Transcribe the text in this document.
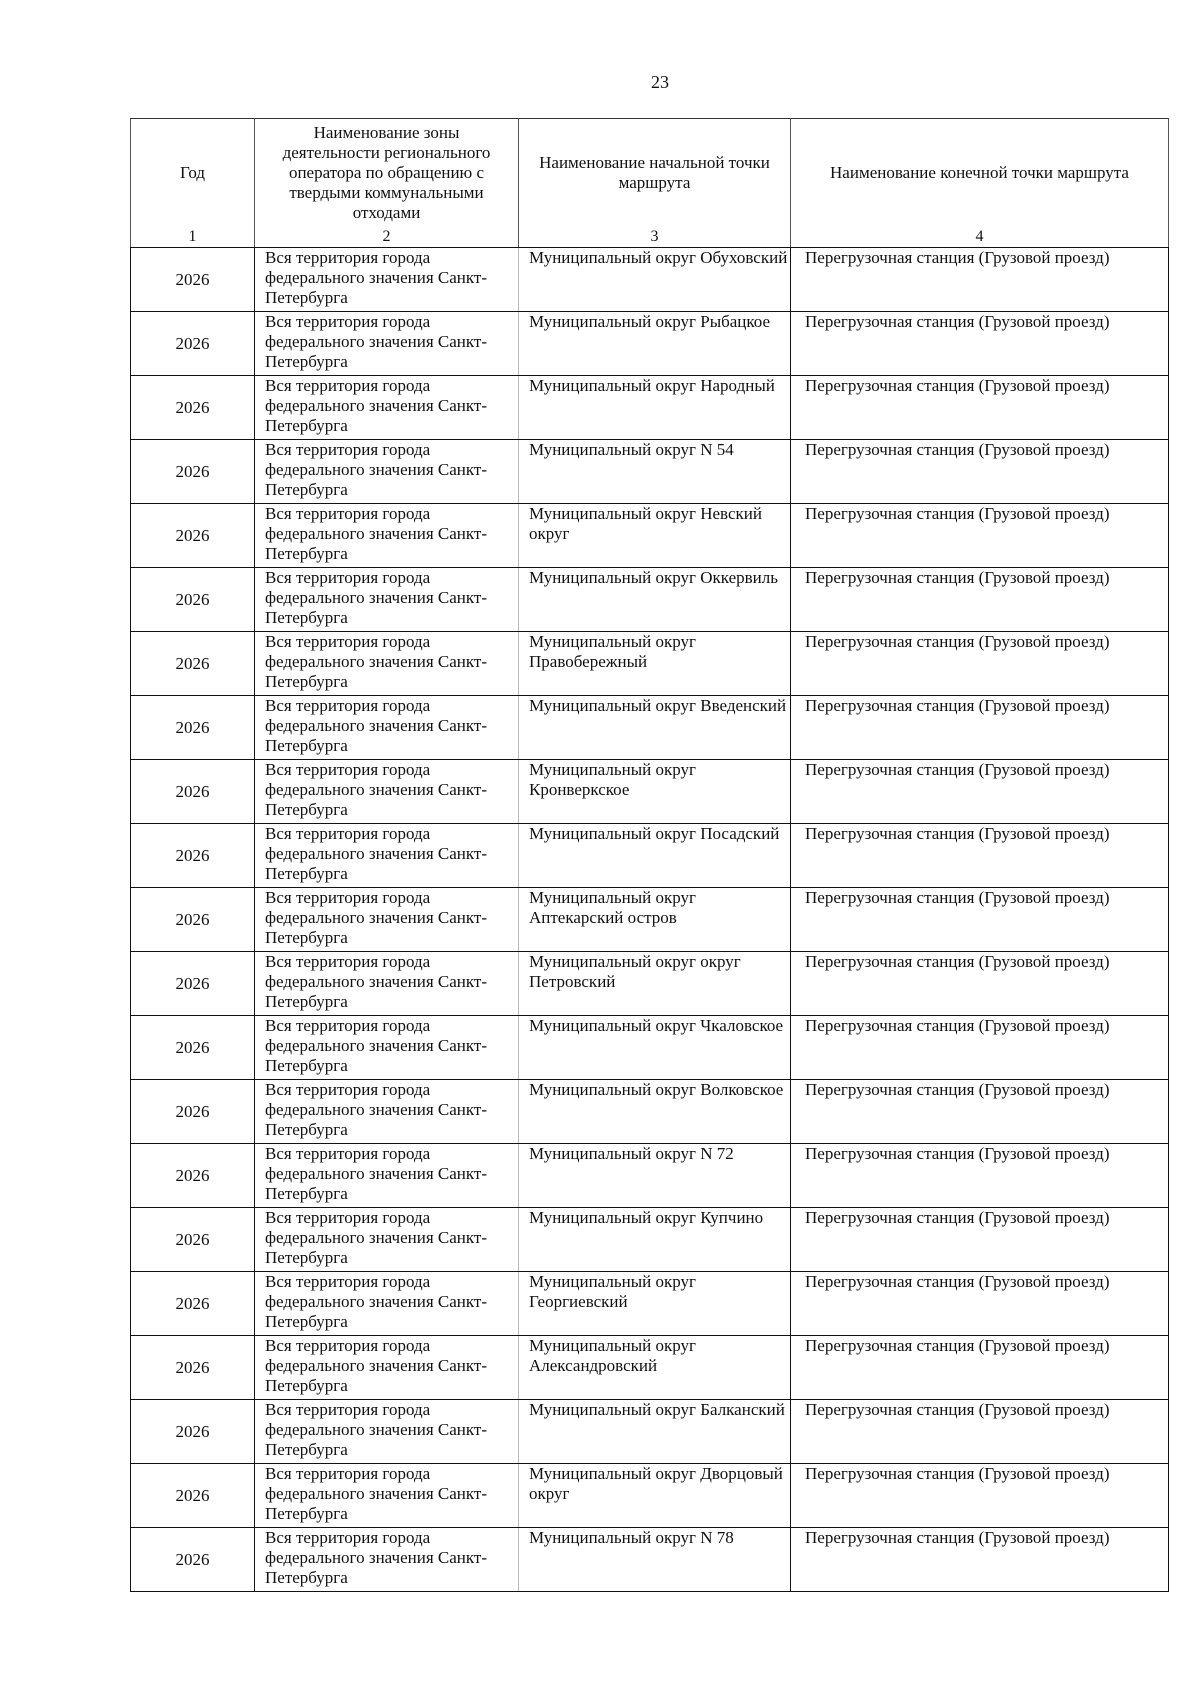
23
Год	Наименование зоны деятельности регионального оператора по обращению с твердыми коммунальными отходами	Наименование начальной точки маршрута	Наименование конечной точки маршрута
1	2	3	4
2026	Вся территория города федерального значения Санкт-Петербурга	Муниципальный округ Обуховский	Перегрузочная станция (Грузовой проезд)
2026	Вся территория города федерального значения Санкт-Петербурга	Муниципальный округ Рыбацкое	Перегрузочная станция (Грузовой проезд)
2026	Вся территория города федерального значения Санкт-Петербурга	Муниципальный округ Народный	Перегрузочная станция (Грузовой проезд)
2026	Вся территория города федерального значения Санкт-Петербурга	Муниципальный округ N 54	Перегрузочная станция (Грузовой проезд)
2026	Вся территория города федерального значения Санкт-Петербурга	Муниципальный округ Невский округ	Перегрузочная станция (Грузовой проезд)
2026	Вся территория города федерального значения Санкт-Петербурга	Муниципальный округ Оккервиль	Перегрузочная станция (Грузовой проезд)
2026	Вся территория города федерального значения Санкт-Петербурга	Муниципальный округ Правобережный	Перегрузочная станция (Грузовой проезд)
2026	Вся территория города федерального значения Санкт-Петербурга	Муниципальный округ Введенский	Перегрузочная станция (Грузовой проезд)
2026	Вся территория города федерального значения Санкт-Петербурга	Муниципальный округ Кронверкское	Перегрузочная станция (Грузовой проезд)
2026	Вся территория города федерального значения Санкт-Петербурга	Муниципальный округ Посадский	Перегрузочная станция (Грузовой проезд)
2026	Вся территория города федерального значения Санкт-Петербурга	Муниципальный округ Аптекарский остров	Перегрузочная станция (Грузовой проезд)
2026	Вся территория города федерального значения Санкт-Петербурга	Муниципальный округ округ Петровский	Перегрузочная станция (Грузовой проезд)
2026	Вся территория города федерального значения Санкт-Петербурга	Муниципальный округ Чкаловское	Перегрузочная станция (Грузовой проезд)
2026	Вся территория города федерального значения Санкт-Петербурга	Муниципальный округ Волковское	Перегрузочная станция (Грузовой проезд)
2026	Вся территория города федерального значения Санкт-Петербурга	Муниципальный округ N 72	Перегрузочная станция (Грузовой проезд)
2026	Вся территория города федерального значения Санкт-Петербурга	Муниципальный округ Купчино	Перегрузочная станция (Грузовой проезд)
2026	Вся территория города федерального значения Санкт-Петербурга	Муниципальный округ Георгиевский	Перегрузочная станция (Грузовой проезд)
2026	Вся территория города федерального значения Санкт-Петербурга	Муниципальный округ Александровский	Перегрузочная станция (Грузовой проезд)
2026	Вся территория города федерального значения Санкт-Петербурга	Муниципальный округ Балканский	Перегрузочная станция (Грузовой проезд)
2026	Вся территория города федерального значения Санкт-Петербурга	Муниципальный округ Дворцовый округ	Перегрузочная станция (Грузовой проезд)
2026	Вся территория города федерального значения Санкт-Петербурга	Муниципальный округ N 78	Перегрузочная станция (Грузовой проезд)
